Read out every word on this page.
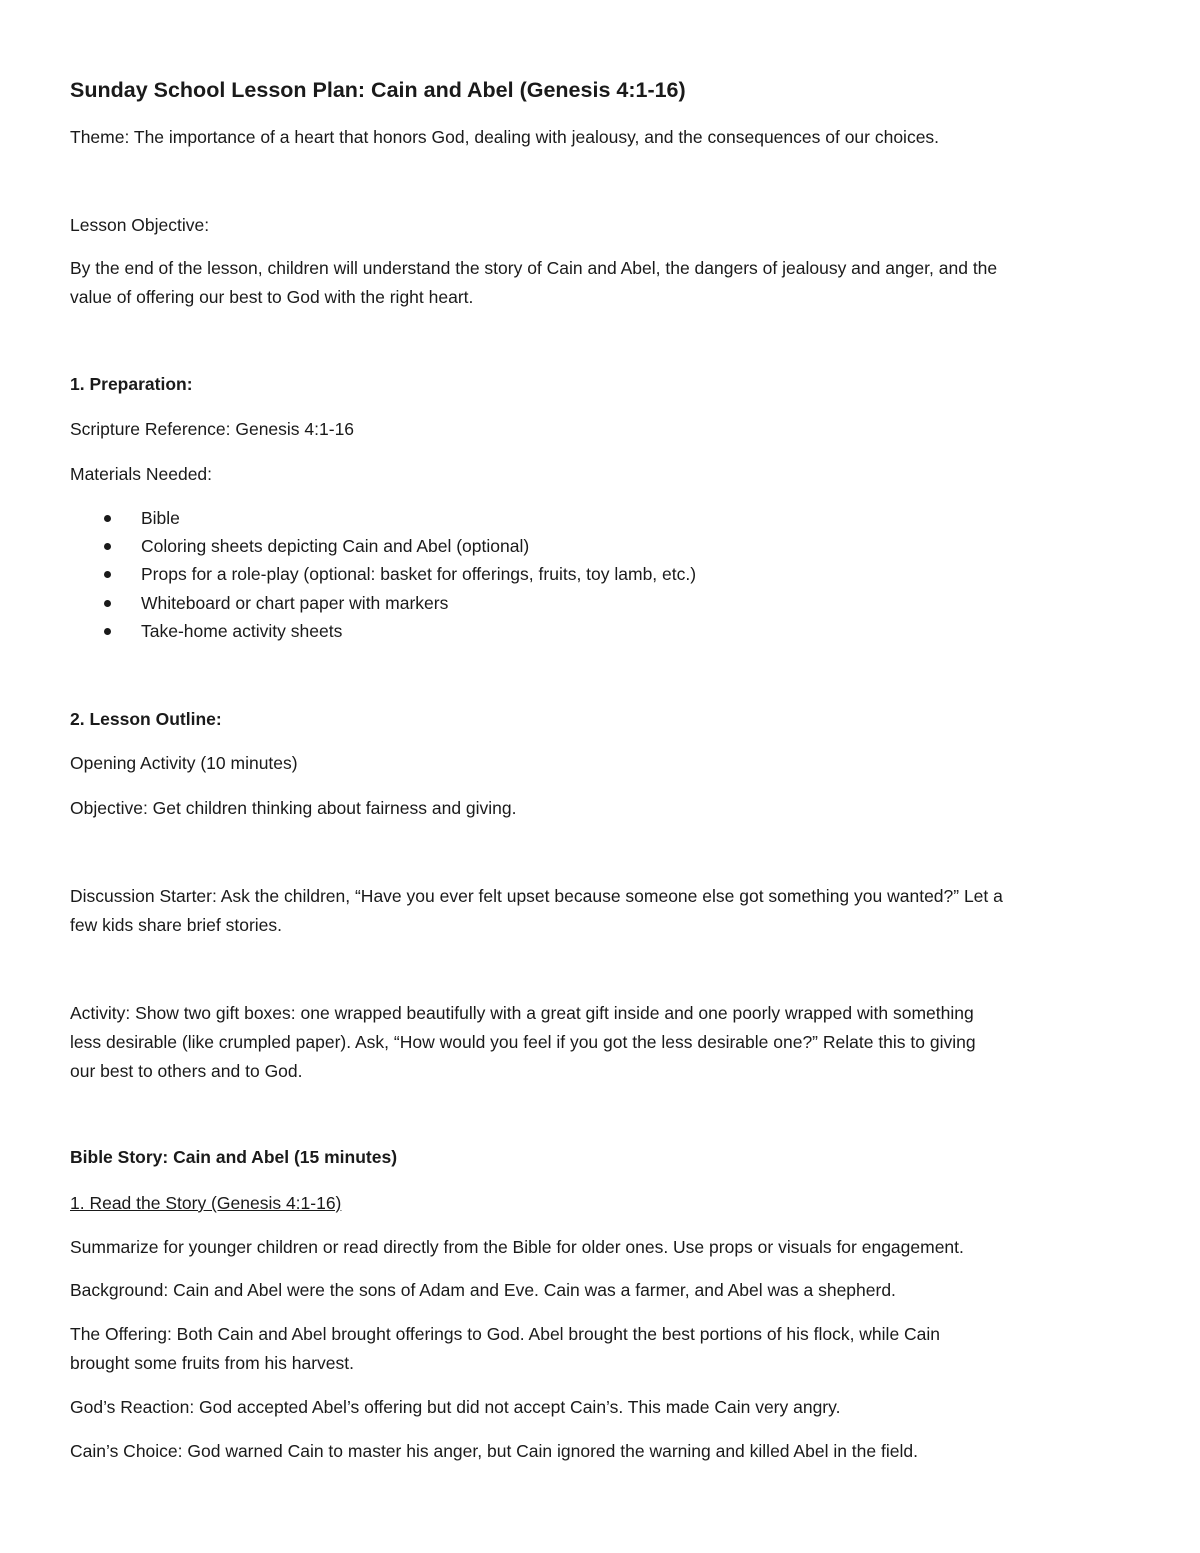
Sunday School Lesson Plan: Cain and Abel (Genesis 4:1-16)
Theme: The importance of a heart that honors God, dealing with jealousy, and the consequences of our choices.
Lesson Objective:
By the end of the lesson, children will understand the story of Cain and Abel, the dangers of jealousy and anger, and the
value of offering our best to God with the right heart.
1. Preparation:
Scripture Reference: Genesis 4:1-16
Materials Needed:
Bible
Coloring sheets depicting Cain and Abel (optional)
Props for a role-play (optional: basket for offerings, fruits, toy lamb, etc.)
Whiteboard or chart paper with markers
Take-home activity sheets
2. Lesson Outline:
Opening Activity (10 minutes)
Objective: Get children thinking about fairness and giving.
Discussion Starter: Ask the children, “Have you ever felt upset because someone else got something you wanted?” Let a
few kids share brief stories.
Activity: Show two gift boxes: one wrapped beautifully with a great gift inside and one poorly wrapped with something
less desirable (like crumpled paper). Ask, “How would you feel if you got the less desirable one?” Relate this to giving
our best to others and to God.
Bible Story: Cain and Abel (15 minutes)
1. Read the Story (Genesis 4:1-16)
Summarize for younger children or read directly from the Bible for older ones. Use props or visuals for engagement.
Background: Cain and Abel were the sons of Adam and Eve. Cain was a farmer, and Abel was a shepherd.
The Offering: Both Cain and Abel brought offerings to God. Abel brought the best portions of his flock, while Cain
brought some fruits from his harvest.
God’s Reaction: God accepted Abel’s offering but did not accept Cain’s. This made Cain very angry.
Cain’s Choice: God warned Cain to master his anger, but Cain ignored the warning and killed Abel in the field.
